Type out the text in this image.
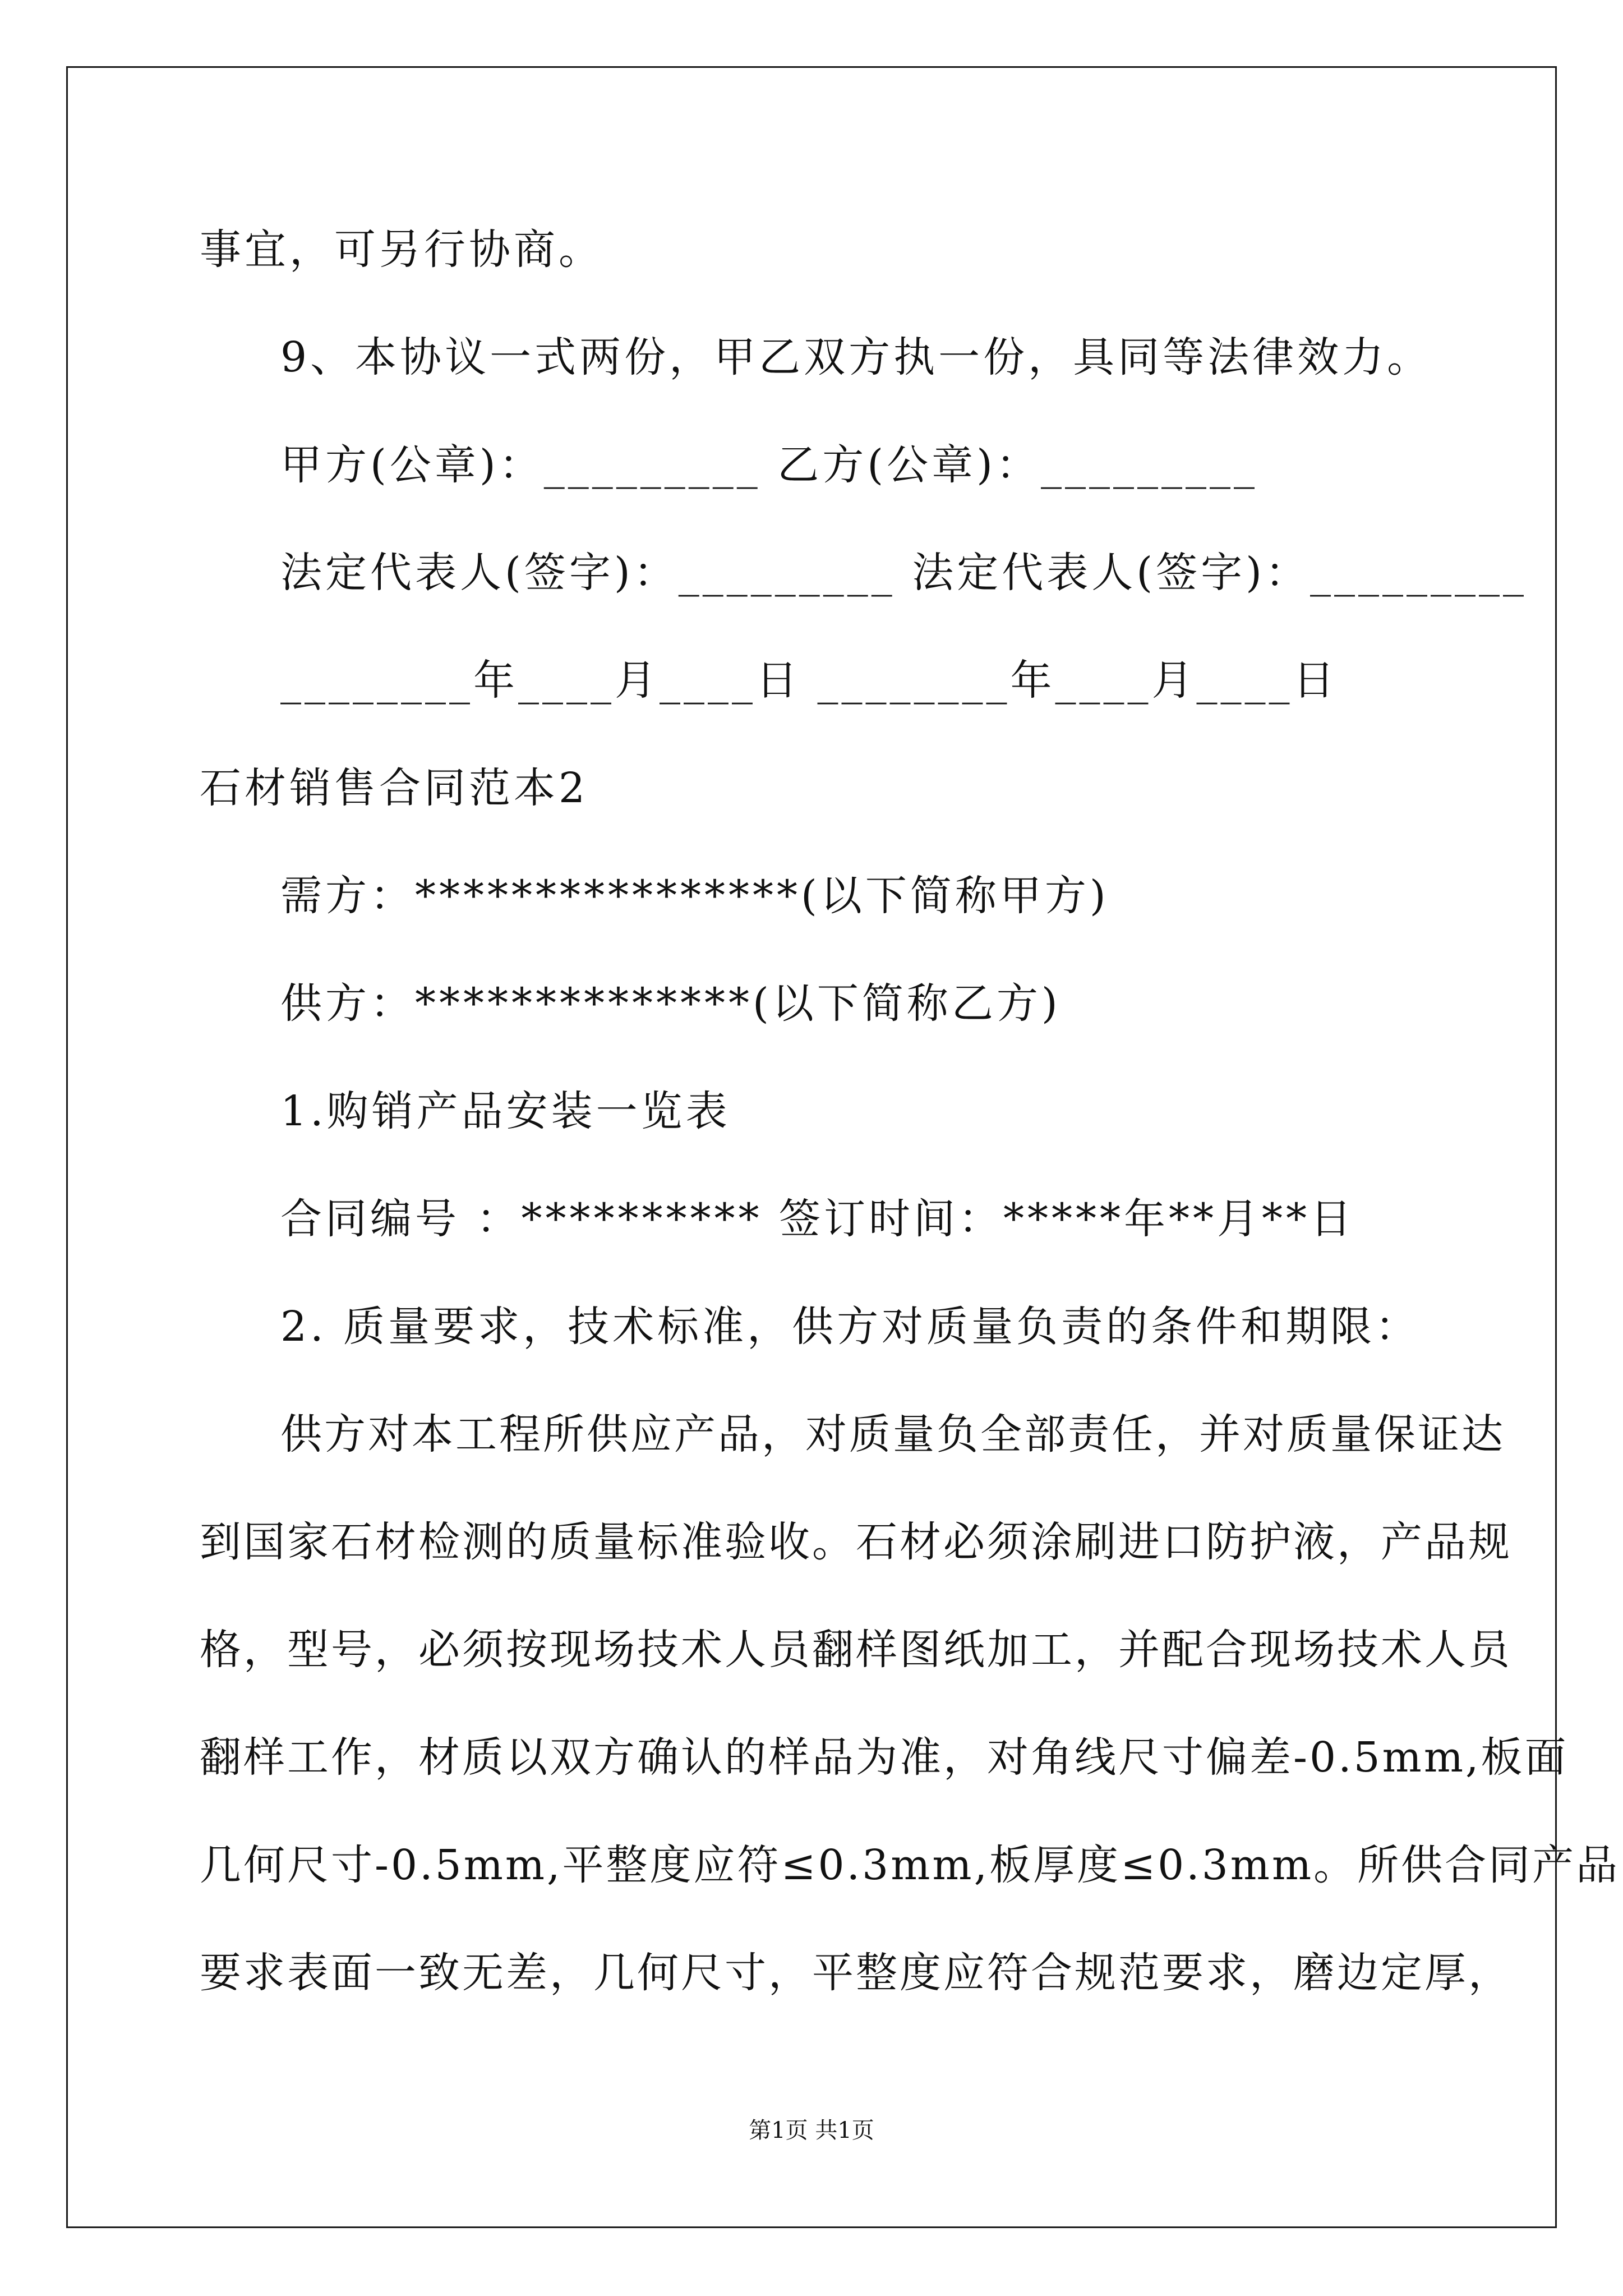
事宜，可另行协商。
9、本协议一式两份，甲乙双方执一份，具同等法律效力。
甲方(公章)：_________ 乙方(公章)：_________
法定代表人(签字)：_________ 法定代表人(签字)：_________
________年____月____日 ________年____月____日
石材销售合同范本2
需方：****************(以下简称甲方)
供方：**************(以下简称乙方)
1.购销产品安装一览表
合同编号 ：********** 签订时间：*****年**月**日
2. 质量要求，技术标准，供方对质量负责的条件和期限：
供方对本工程所供应产品，对质量负全部责任，并对质量保证达
到国家石材检测的质量标准验收。石材必须涂刷进口防护液，产品规
格，型号，必须按现场技术人员翻样图纸加工，并配合现场技术人员
翻样工作，材质以双方确认的样品为准，对角线尺寸偏差-0.5mm,板面
几何尺寸-0.5mm,平整度应符≤0.3mm,板厚度≤0.3mm。所供合同产品
要求表面一致无差，几何尺寸，平整度应符合规范要求，磨边定厚，
第1页 共1页
